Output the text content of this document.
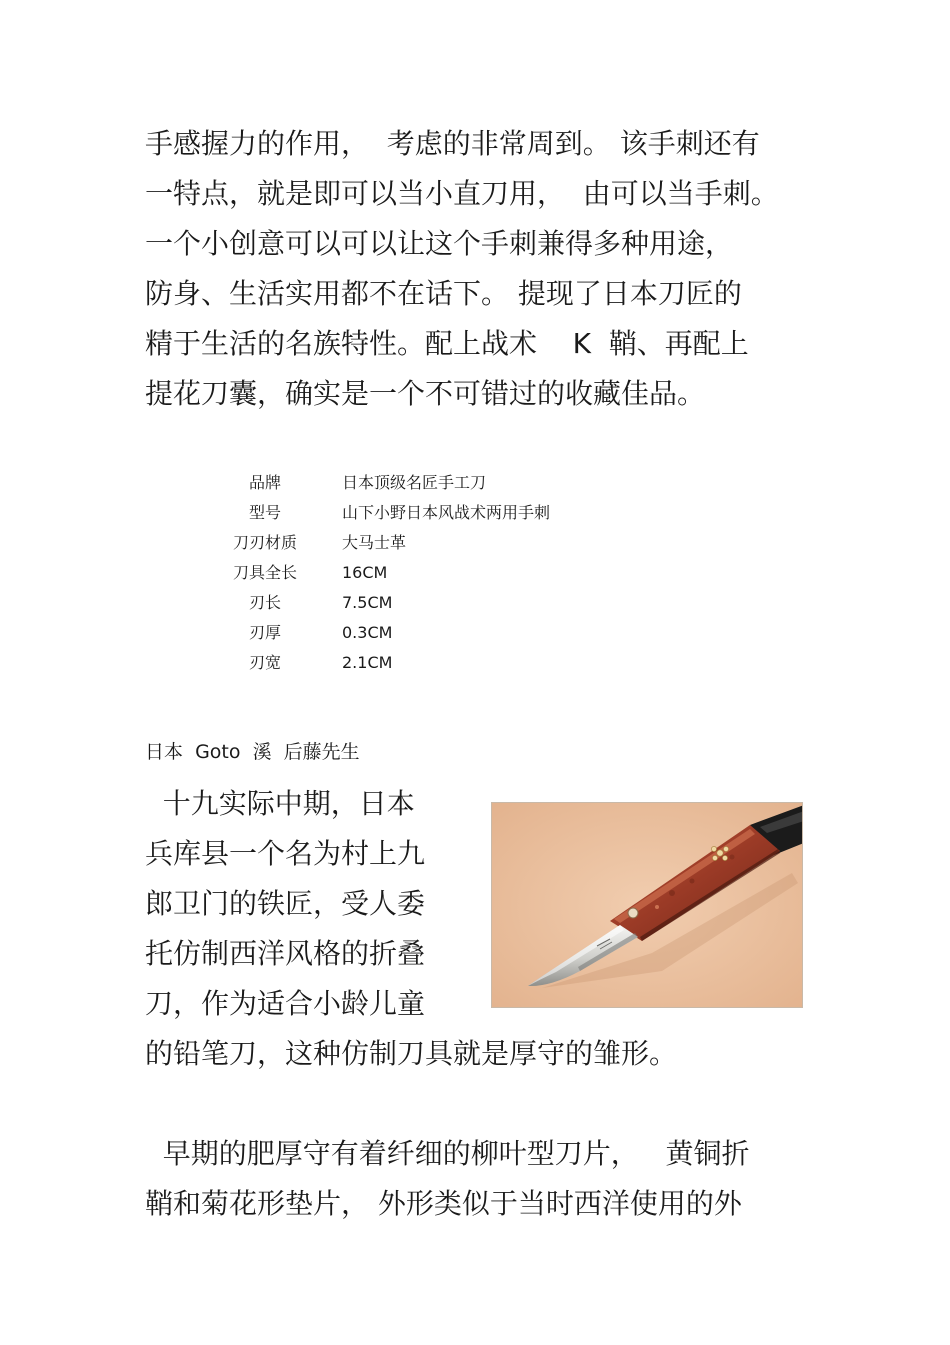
手感握力的作用，  考虑的非常周到。 该手刺还有
一特点，就是即可以当小直刀用，  由可以当手刺。
一个小创意可以可以让这个手刺兼得多种用途，
防身、生活实用都不在话下。 提现了日本刀匠的
精于生活的名族特性。配上战术    K  鞘、再配上
提花刀囊，确实是一个不可错过的收藏佳品。
品牌	日本顶级名匠手工刀
型号	山下小野日本风战术两用手刺
刀刃材质	大马士革
刀具全长	16CM
刃长	7.5CM
刃厚	0.3CM
刃宽	2.1CM
日本  Goto  溪  后藤先生
十九实际中期，日本
兵库县一个名为村上九
郎卫门的铁匠，受人委
托仿制西洋风格的折叠
刀，作为适合小龄儿童
的铅笔刀，这种仿制刀具就是厚守的雏形。
早期的肥厚守有着纤细的柳叶型刀片，   黄铜折
鞘和菊花形垫片， 外形类似于当时西洋使用的外
